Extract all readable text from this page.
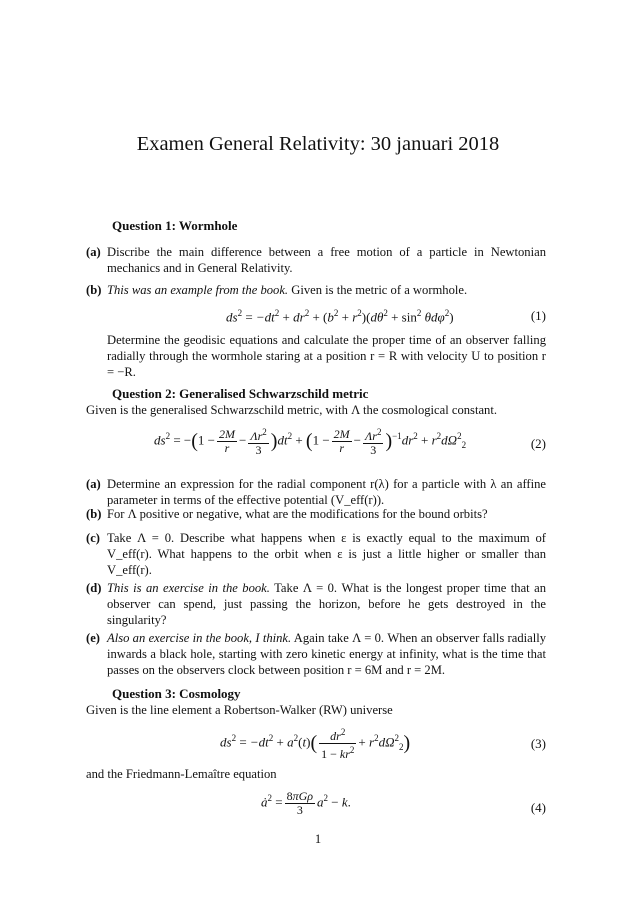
Examen General Relativity: 30 januari 2018
Question 1: Wormhole
(a) Discribe the main difference between a free motion of a particle in Newtonian mechanics and in General Relativity.
(b) This was an example from the book. Given is the metric of a wormhole.
$ds^2 = -dt^2 + dr^2 + (b^2 + r^2)(d\theta^2 + \sin^2 \theta d\varphi^2)$	(1)
Determine the geodisic equations and calculate the proper time of an observer falling radially through the wormhole staring at a position r = R with velocity U to position r = −R.
Question 2: Generalised Schwarzschild metric
Given is the generalised Schwarzschild metric, with Λ the cosmological constant.
$ds^2 = -(1 - \frac{2M}{r} - \frac{\Lambda r^2}{3} )dt^2 + (1 - \frac{2M}{r} - \frac{\Lambda r^2}{3} )^{-1}dr^2 + r^2d\Omega^2_2$	(2)
(a) Determine an expression for the radial component r(λ) for a particle with λ an affine parameter in terms of the effective potential (V_eff(r)).
(b) For Λ positive or negative, what are the modifications for the bound orbits?
(c) Take Λ = 0. Describe what happens when ε is exactly equal to the maximum of V_eff(r). What happens to the orbit when ε is just a little higher or smaller than V_eff(r).
(d) This is an exercise in the book. Take Λ = 0. What is the longest proper time that an observer can spend, just passing the horizon, before he gets destroyed in the singularity?
(e) Also an exercise in the book, I think. Again take Λ = 0. When an observer falls radially inwards a black hole, starting with zero kinetic energy at infinity, what is the time that passes on the observers clock between position r = 6M and r = 2M.
Question 3: Cosmology
Given is the line element a Robertson-Walker (RW) universe
$ds^2 = -dt^2 + a^2(t)( \frac{dr^2}{1 - kr^2} + r^2d\Omega^2_2)$	(3)
and the Friedmann-Lemaître equation
$ȧ^2 = \frac{\text{8πGρ}}{3} a^2 - k$.	(4)
1
